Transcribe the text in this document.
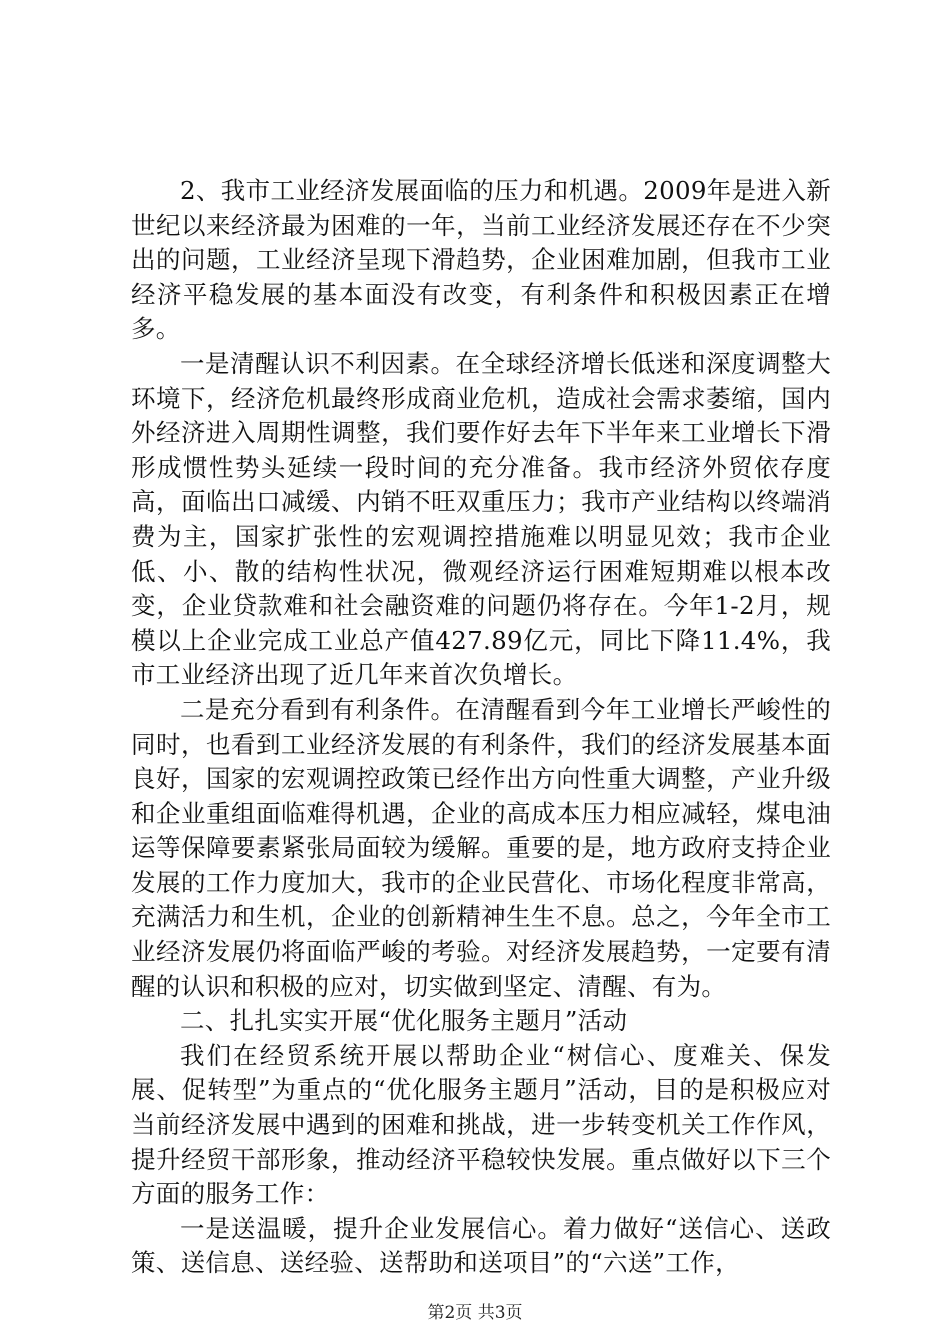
2、我市工业经济发展面临的压力和机遇。2009年是进入新世纪以来经济最为困难的一年，当前工业经济发展还存在不少突出的问题，工业经济呈现下滑趋势，企业困难加剧，但我市工业经济平稳发展的基本面没有改变，有利条件和积极因素正在增多。

一是清醒认识不利因素。在全球经济增长低迷和深度调整大环境下，经济危机最终形成商业危机，造成社会需求萎缩，国内外经济进入周期性调整，我们要作好去年下半年来工业增长下滑形成惯性势头延续一段时间的充分准备。我市经济外贸依存度高，面临出口减缓、内销不旺双重压力；我市产业结构以终端消费为主，国家扩张性的宏观调控措施难以明显见效；我市企业低、小、散的结构性状况，微观经济运行困难短期难以根本改变，企业贷款难和社会融资难的问题仍将存在。今年1-2月，规模以上企业完成工业总产值427.89亿元，同比下降11.4%，我市工业经济出现了近几年来首次负增长。

二是充分看到有利条件。在清醒看到今年工业增长严峻性的同时，也看到工业经济发展的有利条件，我们的经济发展基本面良好，国家的宏观调控政策已经作出方向性重大调整，产业升级和企业重组面临难得机遇，企业的高成本压力相应减轻，煤电油运等保障要素紧张局面较为缓解。重要的是，地方政府支持企业发展的工作力度加大，我市的企业民营化、市场化程度非常高，充满活力和生机，企业的创新精神生生不息。总之，今年全市工业经济发展仍将面临严峻的考验。对经济发展趋势，一定要有清醒的认识和积极的应对，切实做到坚定、清醒、有为。

二、扎扎实实开展“优化服务主题月”活动

我们在经贸系统开展以帮助企业“树信心、度难关、保发展、促转型”为重点的“优化服务主题月”活动，目的是积极应对当前经济发展中遇到的困难和挑战，进一步转变机关工作作风，提升经贸干部形象，推动经济平稳较快发展。重点做好以下三个方面的服务工作：

一是送温暖，提升企业发展信心。着力做好“送信心、送政策、送信息、送经验、送帮助和送项目”的“六送”工作，

第2页 共3页
